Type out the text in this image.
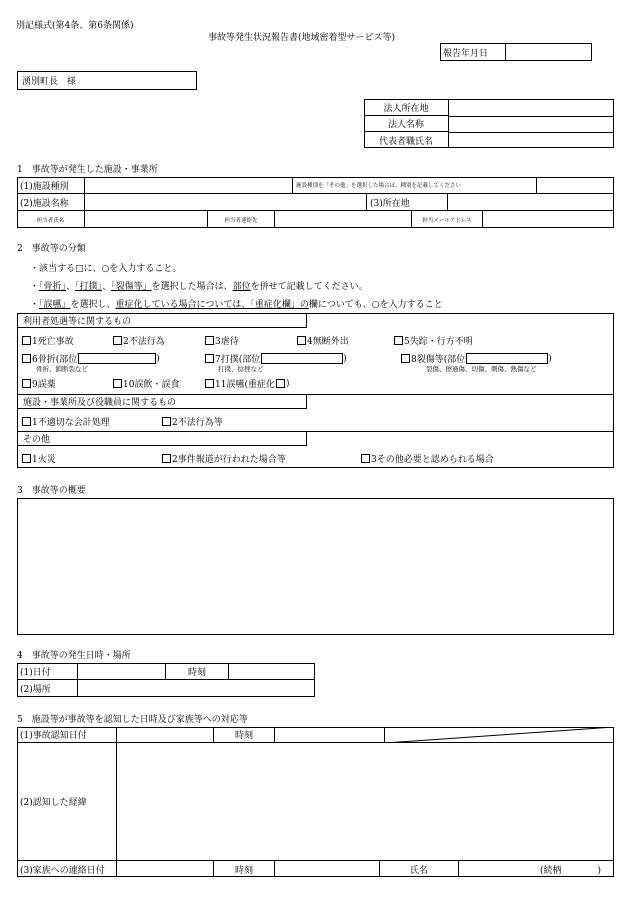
別記様式(第4条、第6条関係)
事故等発生状況報告書(地域密着型サービス等)
報告年月日
湧別町長　様
法人所在地
法人名称
代表者職氏名
1　事故等が発生した施設・事業所
(1)施設種別	施設種別を「その他」を選択した場合は、種別を記載してください
(2)施設名称	(3)所在地
担当者氏名	担当者連絡先	担当メールアドレス
2　事故等の分類
・該当する□に、○を入力すること。
・「骨折」、「打撲」、「裂傷等」を選択した場合は、部位を併せて記載してください。
・「誤嚥」を選択し、重症化している場合については、「重症化欄」の欄についても、○を入力すること
利用者処遇等に関するもの
1死亡事故	2不法行為	3虐待	4無断外出	5失踪・行方不明
6骨折(部位	)
骨折、鎖断裂など
7打撲(部位	)
打撲、捻挫など
8裂傷等(部位	)
裂傷、擦過傷、切傷、刺傷、熱傷など
9誤薬	10誤飲・誤食	11誤嚥(重症化 )
施設・事業所及び役職員に関するもの
1不適切な会計処理	2不法行為等
その他
1火災	2事件報道が行われた場合等	3その他必要と認められる場合
3　事故等の概要
4　事故等の発生日時・場所
(1)日付	時刻
(2)場所
5　施設等が事故等を認知した日時及び家族等への対応等
(1)事故認知日付	時刻
(2)認知した経緯
(3)家族への連絡日付	時刻	氏名	(続柄　　　　)
